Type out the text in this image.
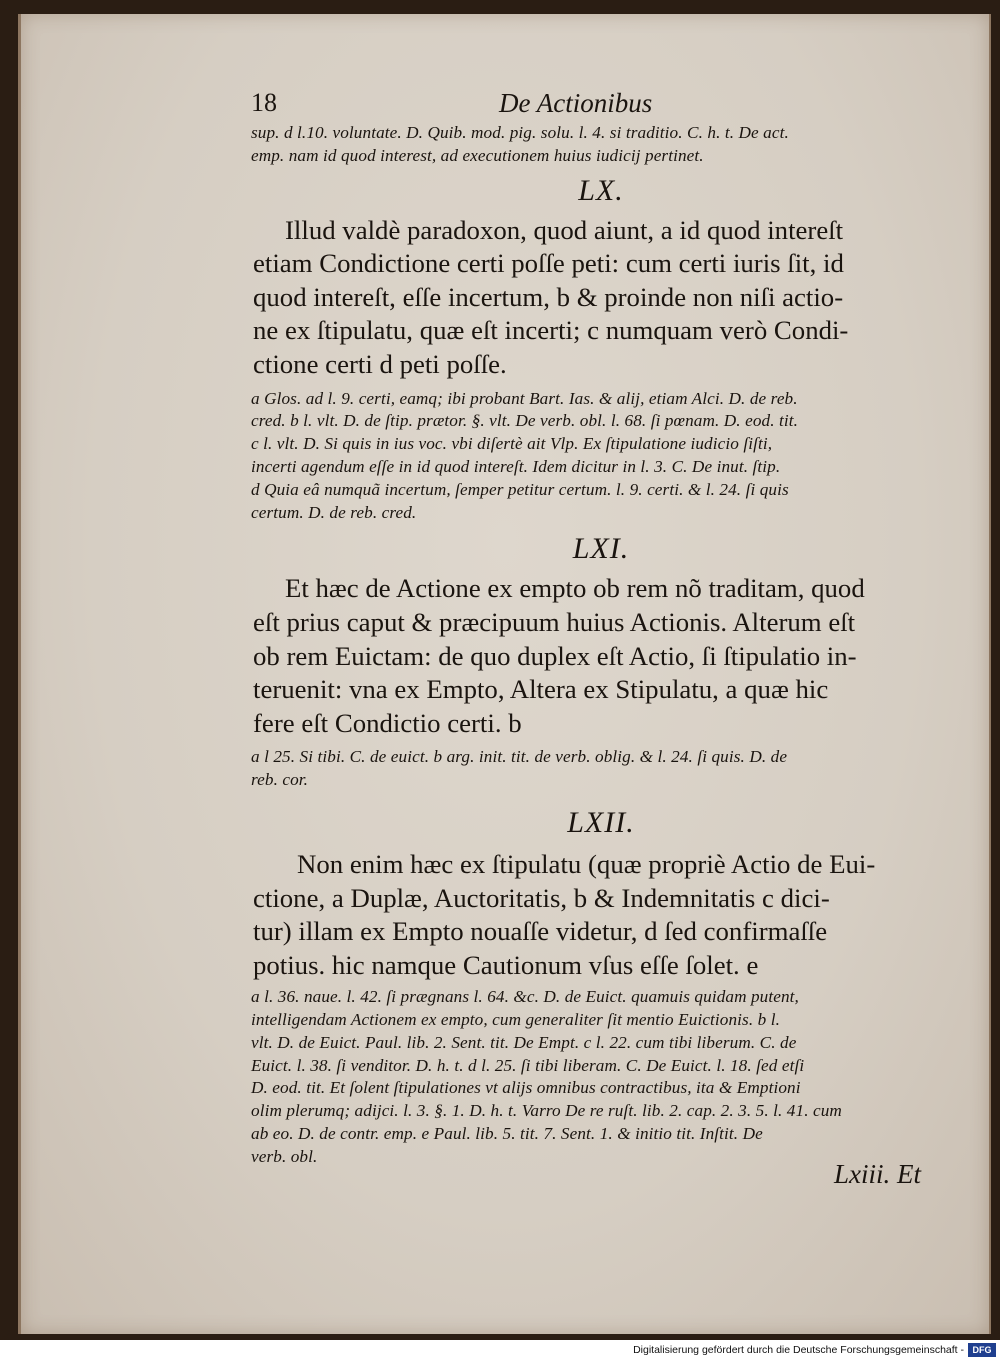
18	De Actionibus

sup. d l.10. voluntate. D. Quib. mod. pig. solu. l. 4. si traditio. C. h. t. De act.
emp. nam id quod interest, ad executionem huius iudicij pertinet.

LX.

Illud valdè paradoxon, quod aiunt, a id quod intereſt
etiam Condictione certi poſſe peti: cum certi iuris ſit, id
quod intereſt, eſſe incertum, b & proinde non niſi actio-
ne ex ſtipulatu, quæ eſt incerti; c numquam verò Condi-
ctione certi d peti poſſe.

a Glos. ad l. 9. certi, eamq; ibi probant Bart. Ias. & alij, etiam Alci. D. de reb.
cred. b l. vlt. D. de ſtip. prætor. §. vlt. De verb. obl. l. 68. ſi pœnam. D. eod. tit.
c l. vlt. D. Si quis in ius voc. vbi diſertè ait Vlp. Ex ſtipulatione iudicio ſiſti,
incerti agendum eſſe in id quod intereſt. Idem dicitur in l. 3. C. De inut. ſtip.
d Quia eâ numquã incertum, ſemper petitur certum. l. 9. certi. & l. 24. ſi quis
certum. D. de reb. cred.

LXI.

Et hæc de Actione ex empto ob rem nõ traditam, quod
eſt prius caput & præcipuum huius Actionis. Alterum eſt
ob rem Euictam: de quo duplex eſt Actio, ſi ſtipulatio in-
teruenit: vna ex Empto, Altera ex Stipulatu, a quæ hic
fere eſt Condictio certi. b

a l 25. Si tibi. C. de euict. b arg. init. tit. de verb. oblig. & l. 24. ſi quis. D. de
reb. cor.

LXII.

Non enim hæc ex ſtipulatu (quæ propriè Actio de Eui-
ctione, a Duplæ, Auctoritatis, b & Indemnitatis c dici-
tur) illam ex Empto nouaſſe videtur, d ſed confirmaſſe
potius. hic namque Cautionum vſus eſſe ſolet. e

a l. 36. naue. l. 42. ſi prægnans l. 64. &c. D. de Euict. quamuis quidam putent,
intelligendam Actionem ex empto, cum generaliter ſit mentio Euictionis. b l.
vlt. D. de Euict. Paul. lib. 2. Sent. tit. De Empt. c l. 22. cum tibi liberum. C. de
Euict. l. 38. ſi venditor. D. h. t. d l. 25. ſi tibi liberam. C. De Euict. l. 18. ſed etſi
D. eod. tit. Et ſolent ſtipulationes vt alijs omnibus contractibus, ita & Emptioni
olim plerumq; adijci. l. 3. §. 1. D. h. t. Varro De re ruſt. lib. 2. cap. 2. 3. 5. l. 41. cum
ab eo. D. de contr. emp. e Paul. lib. 5. tit. 7. Sent. 1. & initio tit. Inſtit. De
verb. obl.

Lxiii. Et
Digitalisierung gefördert durch die Deutsche Forschungsgemeinschaft - DFG
